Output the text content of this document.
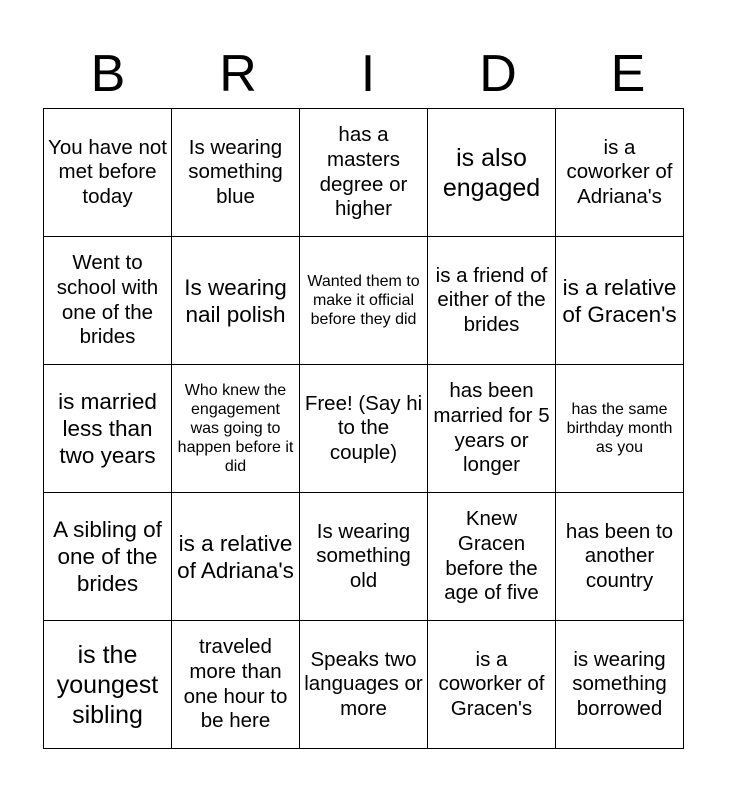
B	R	I	D	E
You have not met before today	Is wearing something blue	has a masters degree or higher	is also engaged	is a coworker of Adriana's
Went to school with one of the brides	Is wearing nail polish	Wanted them to make it official before they did	is a friend of either of the brides	is a relative of Gracen's
is married less than two years	Who knew the engagement was going to happen before it did	Free! (Say hi to the couple)	has been married for 5 years or longer	has the same birthday month as you
A sibling of one of the brides	is a relative of Adriana's	Is wearing something old	Knew Gracen before the age of five	has been to another country
is the youngest sibling	traveled more than one hour to be here	Speaks two languages or more	is a coworker of Gracen's	is wearing something borrowed
